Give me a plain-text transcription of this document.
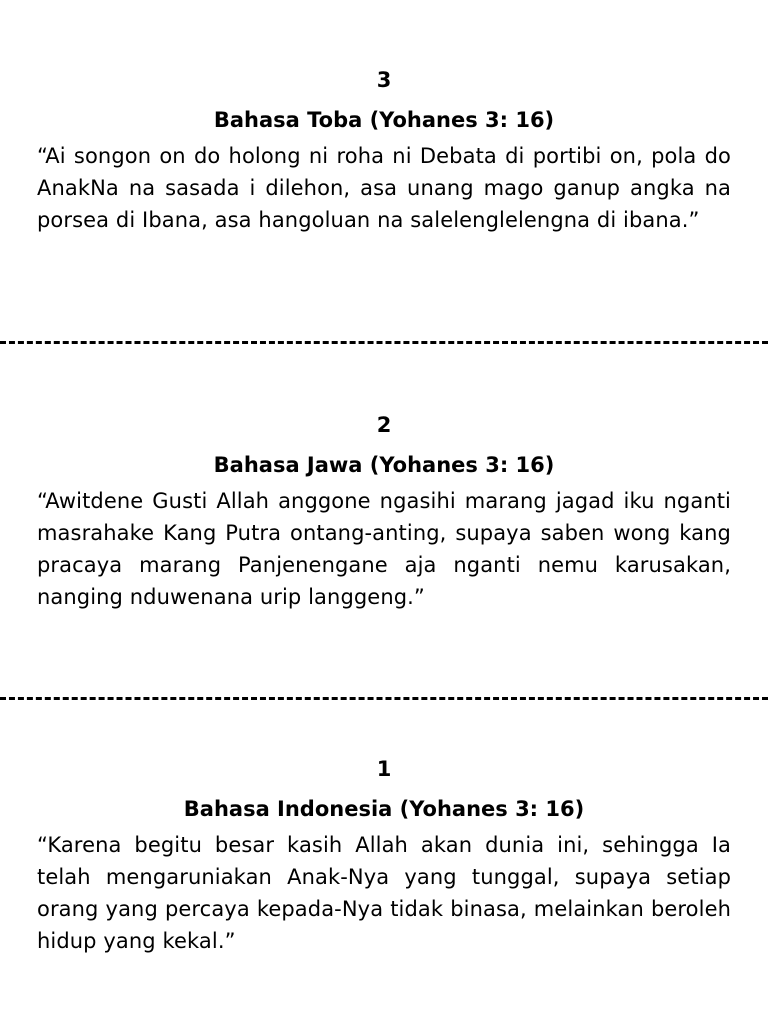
3

Bahasa Toba (Yohanes 3: 16)

“Ai songon on do holong ni roha ni Debata di portibi on, pola do AnakNa na sasada i dilehon, asa unang mago ganup angka na porsea di Ibana, asa hangoluan na salelenglelengna di ibana.”

2

Bahasa Jawa (Yohanes 3: 16)

“Awitdene Gusti Allah anggone ngasihi marang jagad iku nganti masrahake Kang Putra ontang-anting, supaya saben wong kang pracaya marang Panjenengane aja nganti nemu karusakan, nanging nduwenana urip langgeng.”

1

Bahasa Indonesia (Yohanes 3: 16)

“Karena begitu besar kasih Allah akan dunia ini, sehingga Ia telah mengaruniakan Anak-Nya yang tunggal, supaya setiap orang yang percaya kepada-Nya tidak binasa, melainkan beroleh hidup yang kekal.”
